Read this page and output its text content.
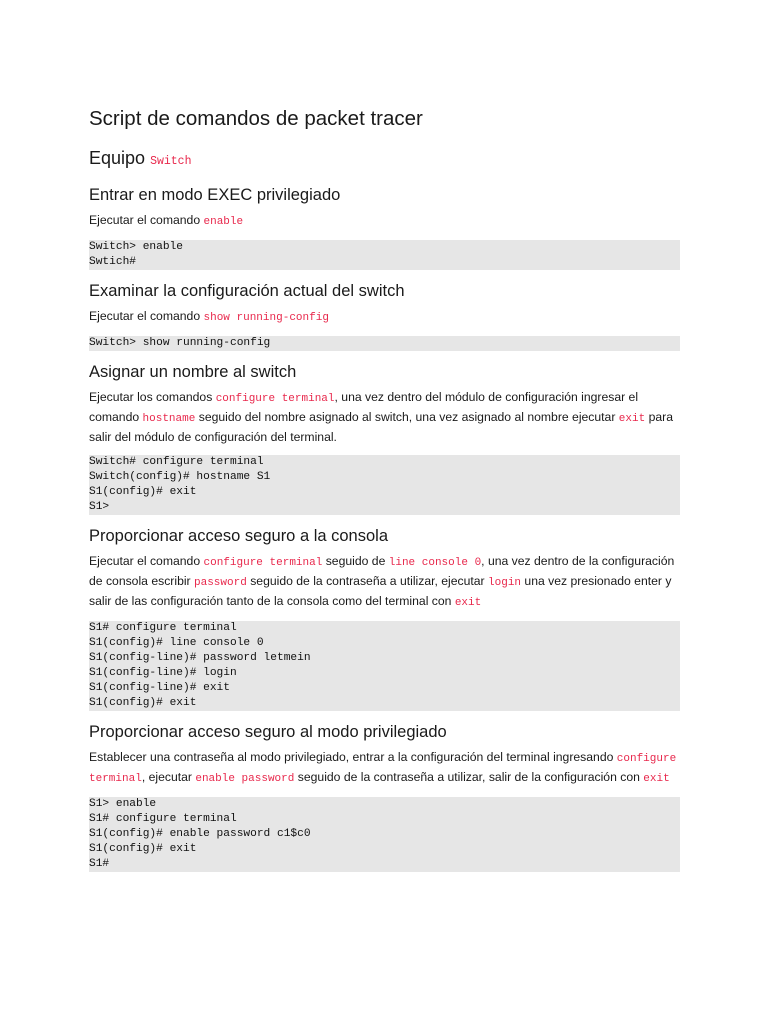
Script de comandos de packet tracer
Equipo Switch
Entrar en modo EXEC privilegiado

Ejecutar el comando enable

Switch> enable
Swtich#
Examinar la configuración actual del switch

Ejecutar el comando show running-config

Switch> show running-config
Asignar un nombre al switch

Ejecutar los comandos configure terminal, una vez dentro del módulo de configuración ingresar el comando hostname seguido del nombre asignado al switch, una vez asignado al nombre ejecutar exit para salir del módulo de configuración del terminal.

Switch# configure terminal
Switch(config)# hostname S1
S1(config)# exit
S1>
Proporcionar acceso seguro a la consola

Ejecutar el comando configure terminal seguido de line console 0, una vez dentro de la configuración de consola escribir password seguido de la contraseña a utilizar, ejecutar login una vez presionado enter y salir de las configuración tanto de la consola como del terminal con exit

S1# configure terminal
S1(config)# line console 0
S1(config-line)# password letmein
S1(config-line)# login
S1(config-line)# exit
S1(config)# exit
Proporcionar acceso seguro al modo privilegiado

Establecer una contraseña al modo privilegiado, entrar a la configuración del terminal ingresando configure terminal, ejecutar enable password seguido de la contraseña a utilizar, salir de la configuración con exit

S1> enable
S1# configure terminal
S1(config)# enable password c1$c0
S1(config)# exit
S1#
